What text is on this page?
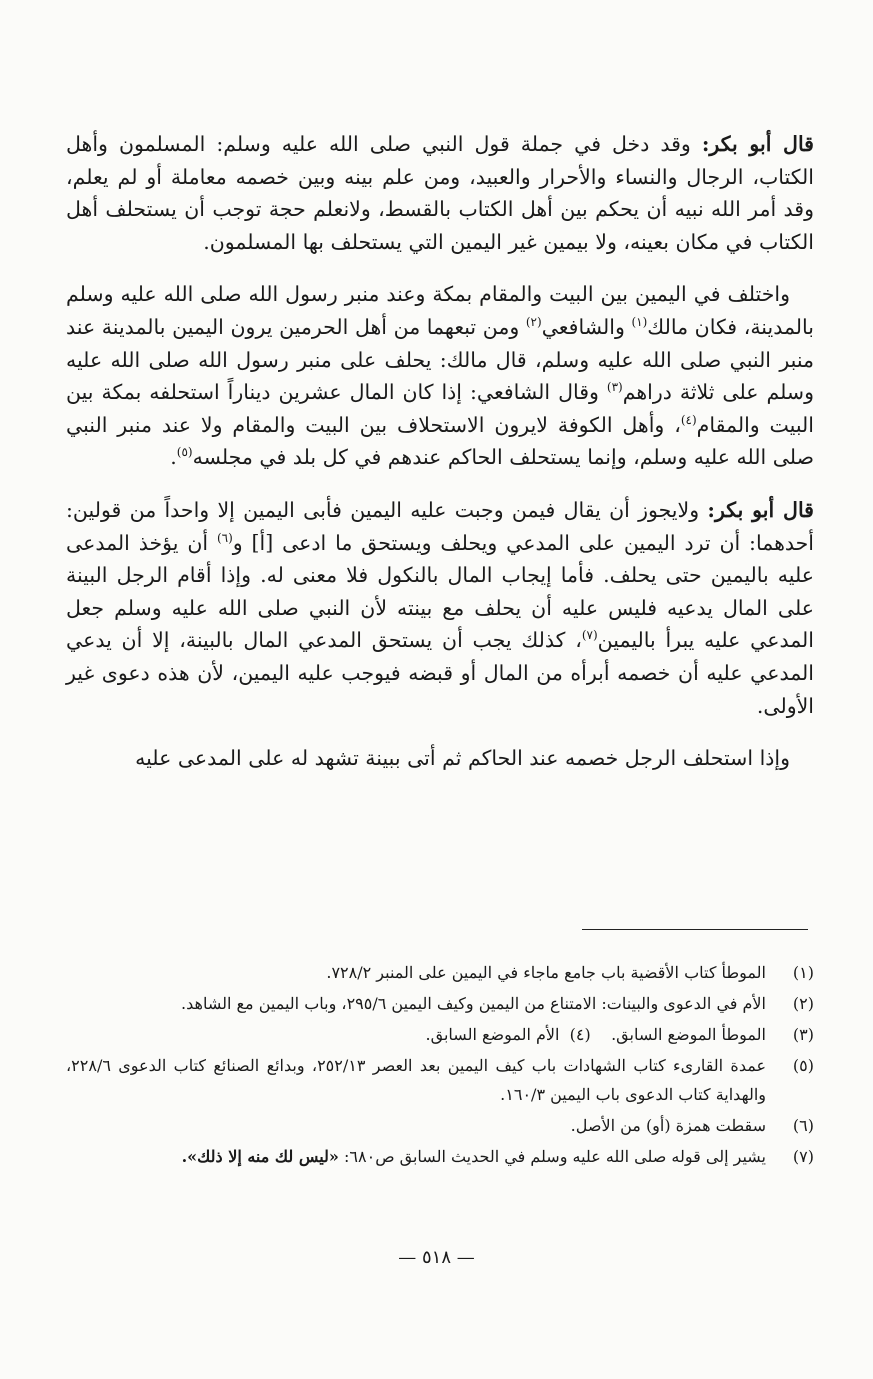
قال أبو بكر: وقد دخل في جملة قول النبي صلى الله عليه وسلم: المسلمون وأهل الكتاب، الرجال والنساء والأحرار والعبيد، ومن علم بينه وبين خصمه معاملة أو لم يعلم، وقد أمر الله نبيه أن يحكم بين أهل الكتاب بالقسط، ولانعلم حجة توجب أن يستحلف أهل الكتاب في مكان بعينه، ولا بيمين غير اليمين التي يستحلف بها المسلمون.

واختلف في اليمين بين البيت والمقام بمكة وعند منبر رسول الله صلى الله عليه وسلم بالمدينة، فكان مالك$^{(١)}$ والشافعي$^{(٢)}$ ومن تبعهما من أهل الحرمين يرون اليمين بالمدينة عند منبر النبي صلى الله عليه وسلم، قال مالك: يحلف على منبر رسول الله صلى الله عليه وسلم على ثلاثة دراهم$^{(٣)}$ وقال الشافعي: إذا كان المال عشرين ديناراً استحلفه بمكة بين البيت والمقام$^{(٤)}$، وأهل الكوفة لايرون الاستحلاف بين البيت والمقام ولا عند منبر النبي صلى الله عليه وسلم، وإنما يستحلف الحاكم عندهم في كل بلد في مجلسه$^{(٥)}$.

قال أبو بكر: ولايجوز أن يقال فيمن وجبت عليه اليمين فأبى اليمين إلا واحداً من قولين: أحدهما: أن ترد اليمين على المدعي ويحلف ويستحق ما ادعى [أ] و$^{(٦)}$ أن يؤخذ المدعى عليه باليمين حتى يحلف. فأما إيجاب المال بالنكول فلا معنى له. وإذا أقام الرجل البينة على المال يدعيه فليس عليه أن يحلف مع بينته لأن النبي صلى الله عليه وسلم جعل المدعي عليه يبرأ باليمين$^{(٧)}$، كذلك يجب أن يستحق المدعي المال بالبينة، إلا أن يدعي المدعي عليه أن خصمه أبرأه من المال أو قبضه فيوجب عليه اليمين، لأن هذه دعوى غير الأولى.

وإذا استحلف الرجل خصمه عند الحاكم ثم أتى ببينة تشهد له على المدعى عليه

(١)
الموطأ كتاب الأقضية باب جامع ماجاء في اليمين على المنبر ٧٢٨/٢.
(٢)
الأم في الدعوى والبينات: الامتناع من اليمين وكيف اليمين ٢٩٥/٦، وباب اليمين مع الشاهد.
(٣)
الموطأ الموضع السابق.    (٤)  الأم الموضع السابق.
(٥)
عمدة القارىء كتاب الشهادات باب كيف اليمين بعد العصر ٢٥٢/١٣، وبدائع الصنائع كتاب الدعوى ٢٢٨/٦، والهداية كتاب الدعوى باب اليمين ١٦٠/٣.
(٦)
سقطت همزة (أو) من الأصل.
(٧)
يشير إلى قوله صلى الله عليه وسلم في الحديث السابق ص٦٨٠: «ليس لك منه إلا ذلك».
— ٥١٨ —
